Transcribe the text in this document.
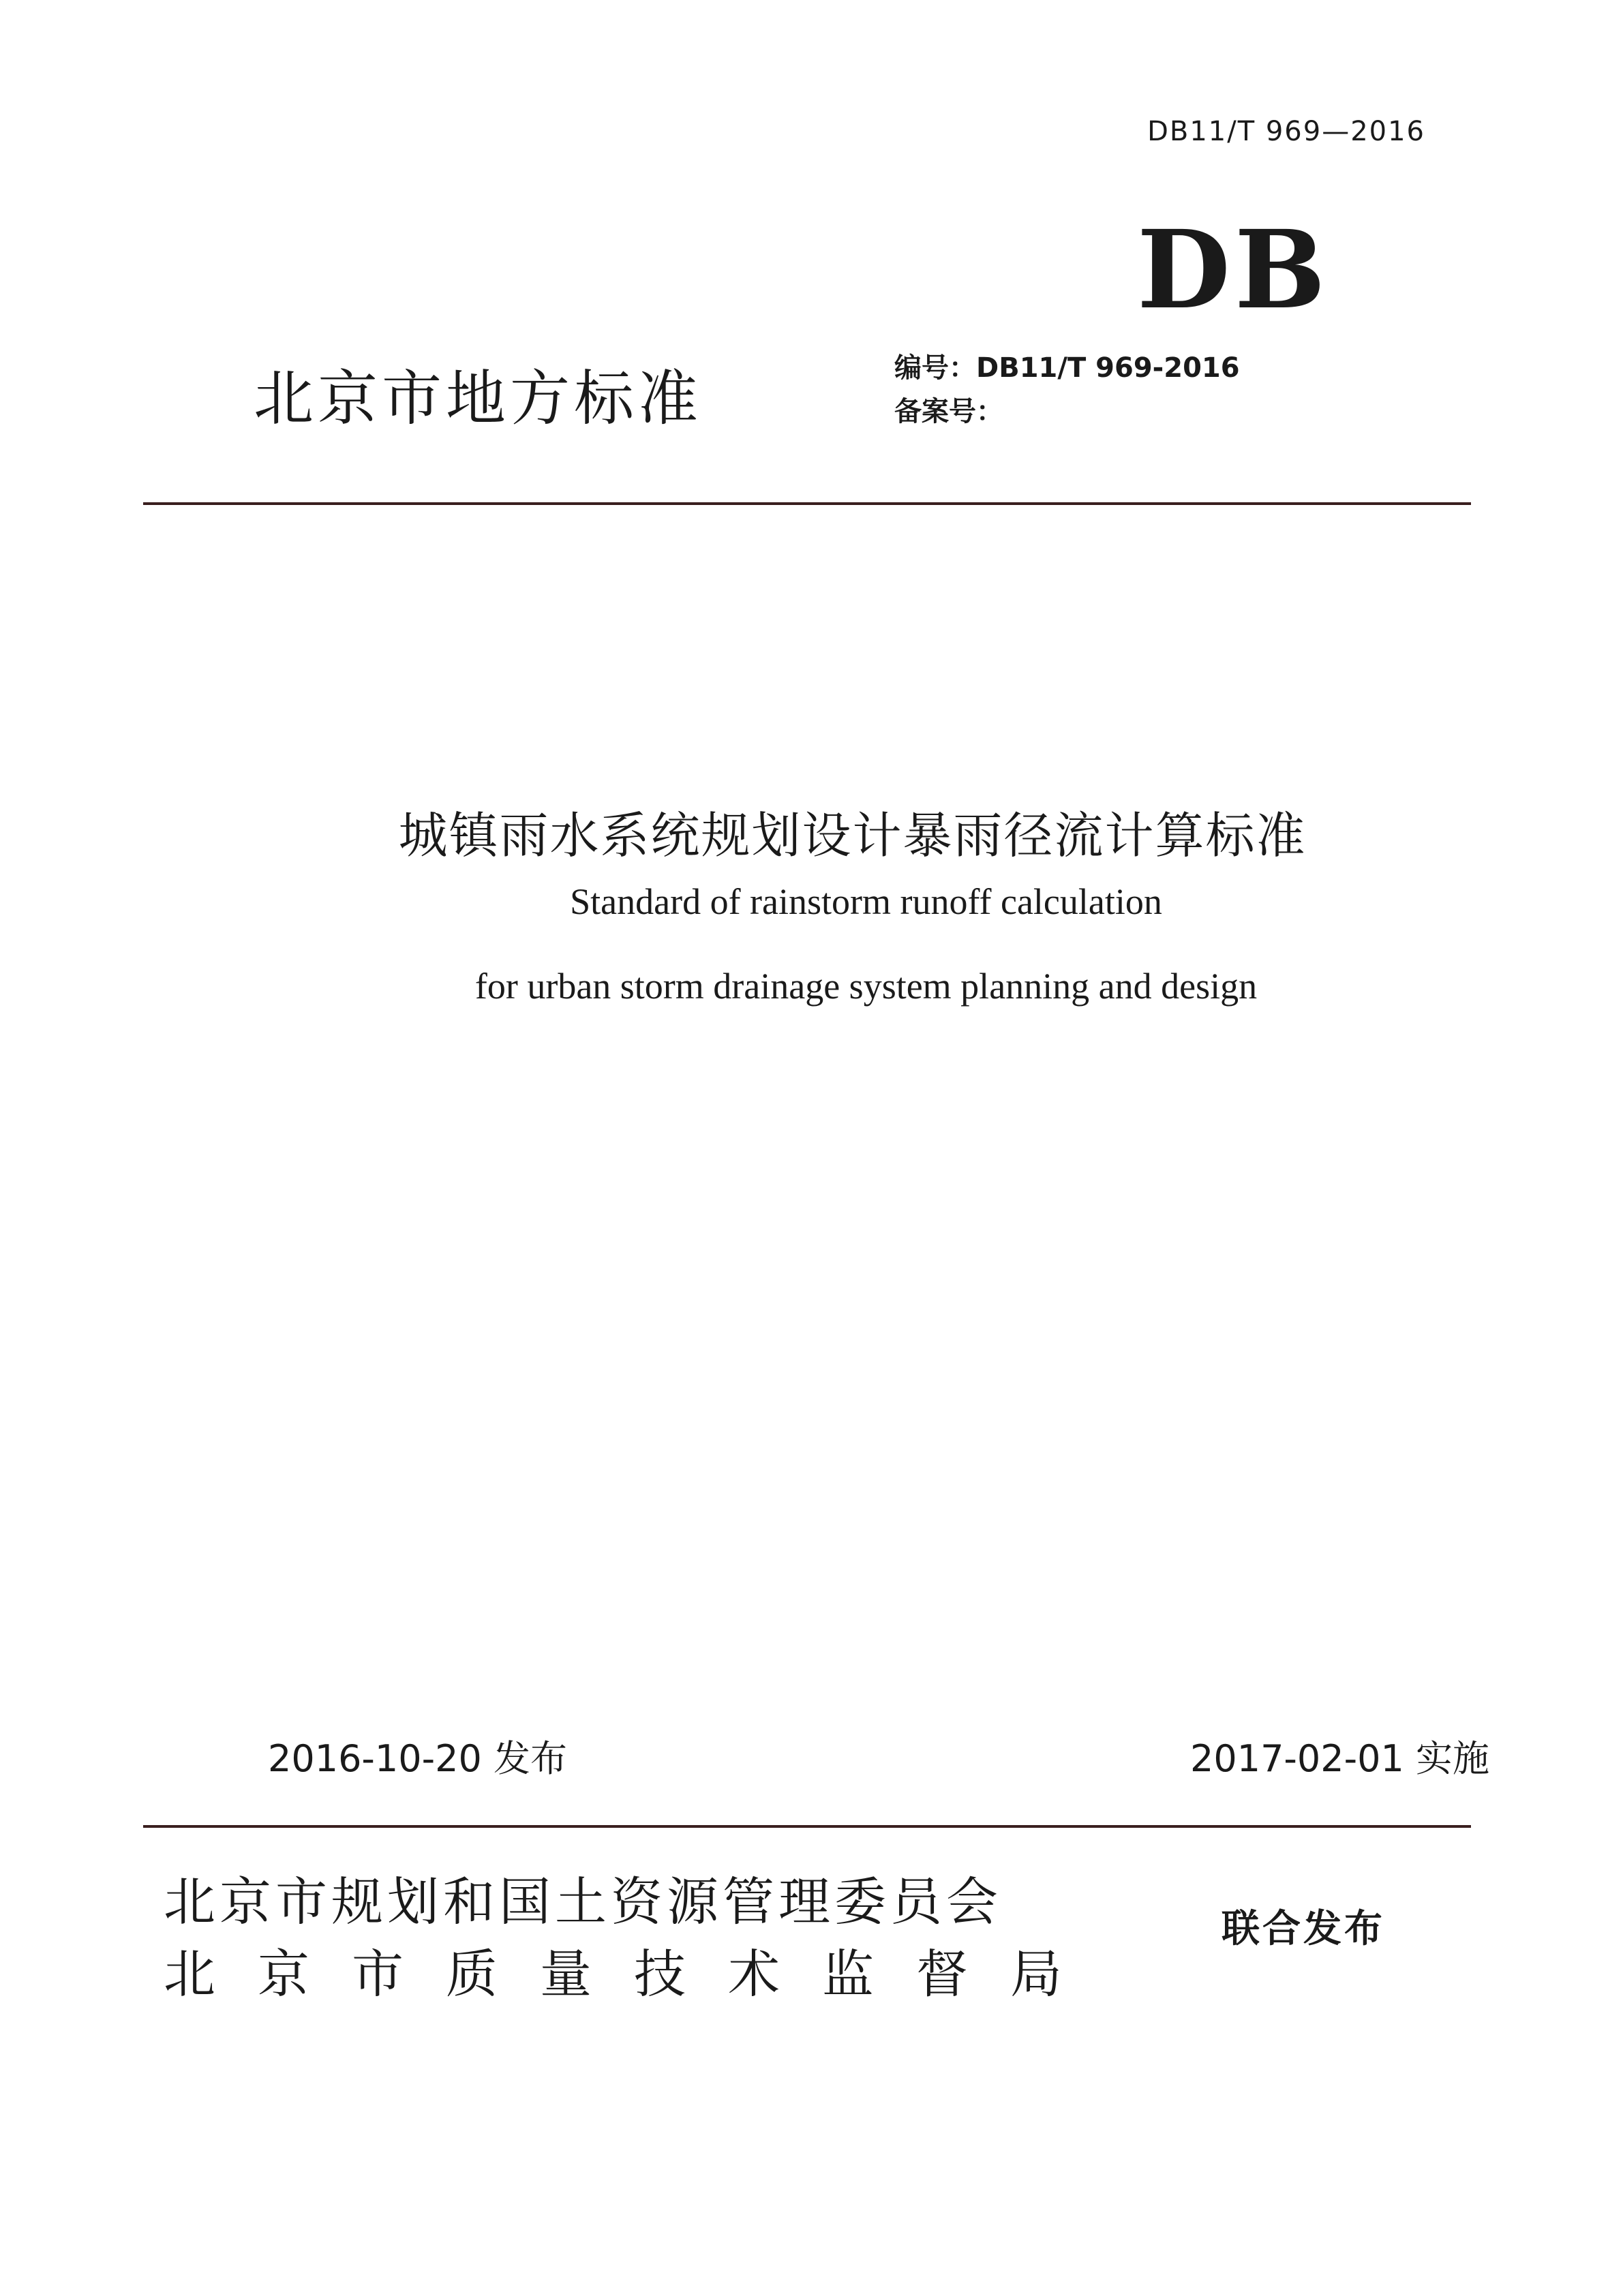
DB11/T 969—2016
DB
北京市地方标准	编号：DB11/T 969-2016
备案号：
城镇雨水系统规划设计暴雨径流计算标准
Standard of rainstorm runoff calculation
for urban storm drainage system planning and design
2016-10-20 发布	2017-02-01 实施
北京市规划和国土资源管理委员会
北京市质量技术监督局
联合发布
